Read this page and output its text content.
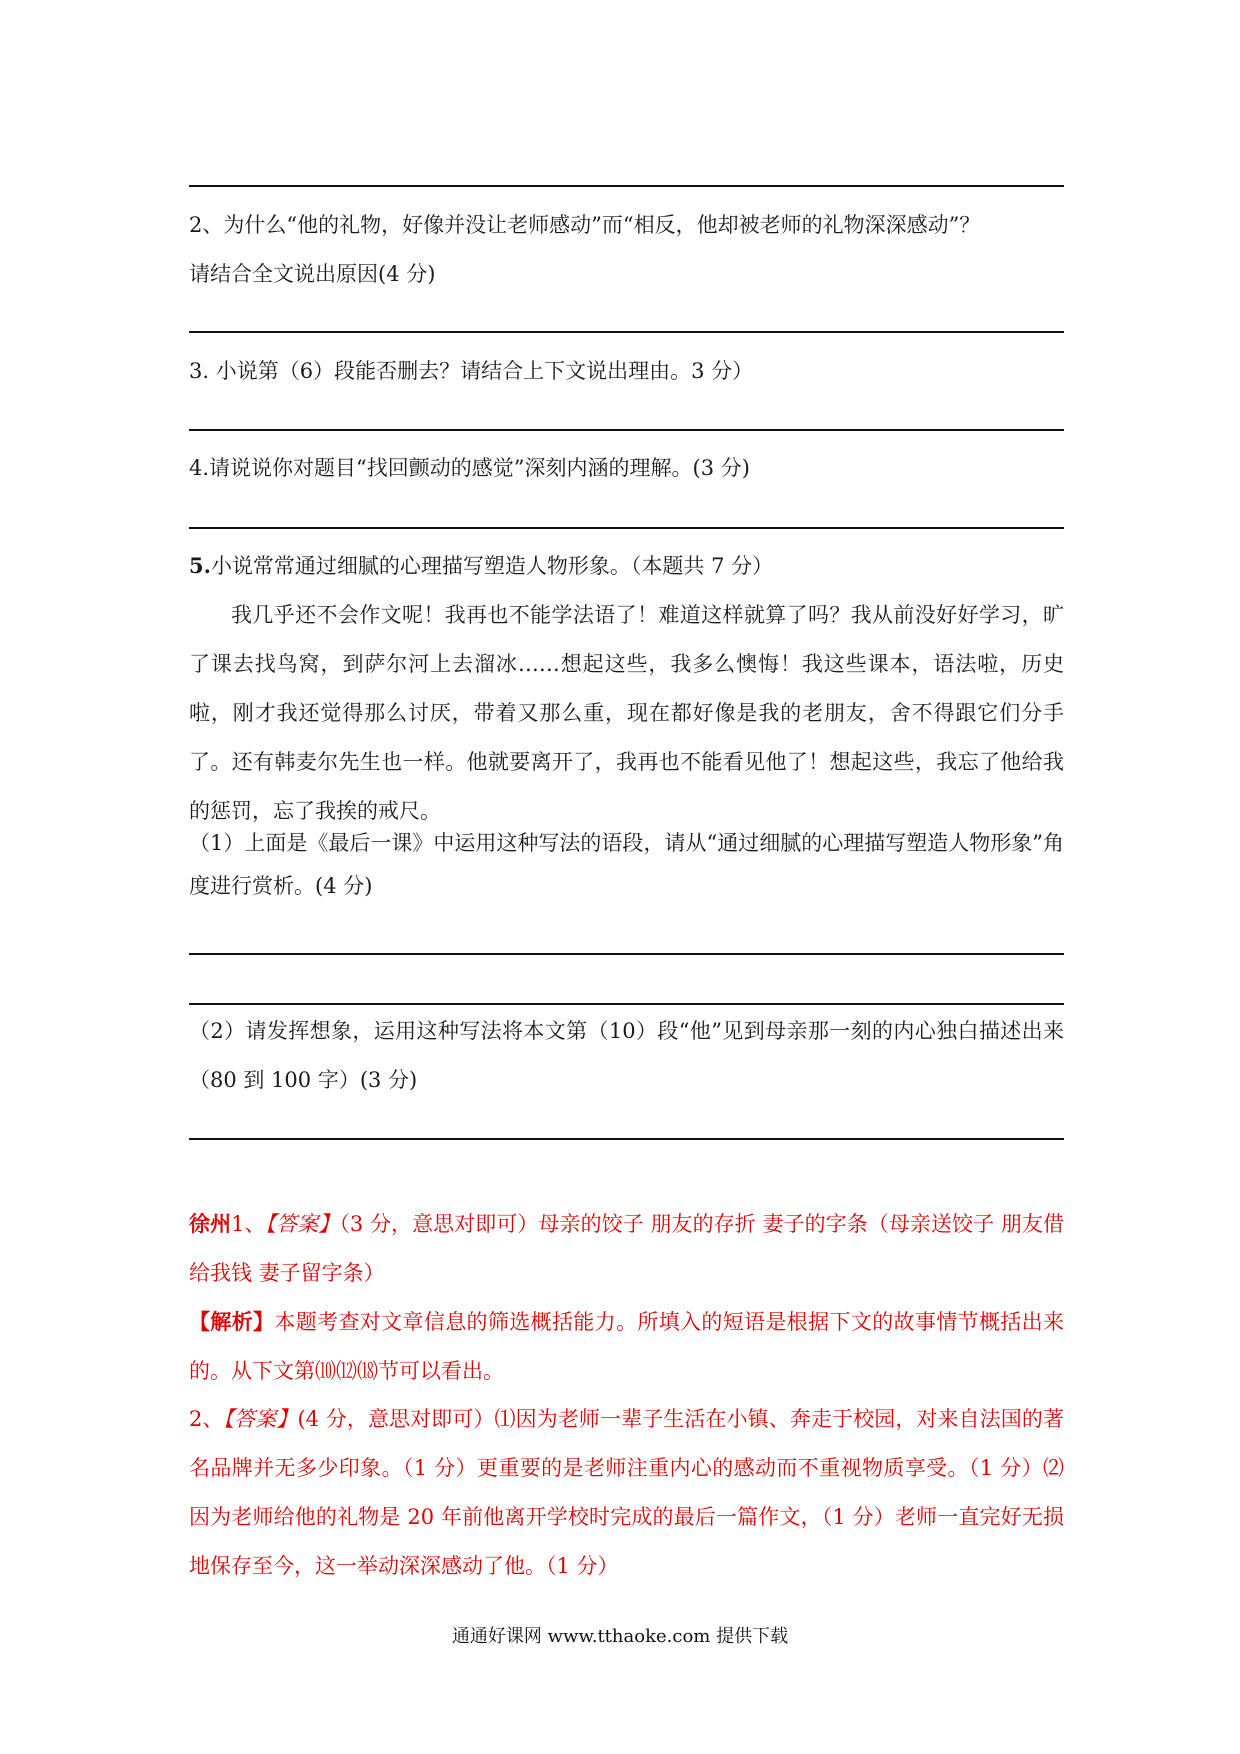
2、为什么“他的礼物，好像并没让老师感动”而“相反，他却被老师的礼物深深感动”？
请结合全文说出原因(4 分)
3. 小说第（6）段能否删去？请结合上下文说出理由。3 分）
4.请说说你对题目“找回颤动的感觉”深刻内涵的理解。(3 分)
5.小说常常通过细腻的心理描写塑造人物形象。（本题共 7 分）
我几乎还不会作文呢！我再也不能学法语了！难道这样就算了吗？我从前没好好学习，旷了课去找鸟窝，到萨尔河上去溜冰……想起这些，我多么懊悔！我这些课本，语法啦，历史啦，刚才我还觉得那么讨厌，带着又那么重，现在都好像是我的老朋友，舍不得跟它们分手了。还有韩麦尔先生也一样。他就要离开了，我再也不能看见他了！想起这些，我忘了他给我的惩罚，忘了我挨的戒尺。
（1）上面是《最后一课》中运用这种写法的语段，请从“通过细腻的心理描写塑造人物形象”角度进行赏析。(4 分)
（2）请发挥想象，运用这种写法将本文第（10）段“他”见到母亲那一刻的内心独白描述出来（80 到 100 字）(3 分)
徐州1、【答案】（3 分，意思对即可）母亲的饺子 朋友的存折 妻子的字条（母亲送饺子 朋友借给我钱 妻子留字条）
【解析】本题考查对文章信息的筛选概括能力。所填入的短语是根据下文的故事情节概括出来的。从下文第⑽⑿⒅节可以看出。
2、【答案】(4 分，意思对即可）⑴因为老师一辈子生活在小镇、奔走于校园，对来自法国的著名品牌并无多少印象。（1 分）更重要的是老师注重内心的感动而不重视物质享受。（1 分）⑵因为老师给他的礼物是 20 年前他离开学校时完成的最后一篇作文，（1 分）老师一直完好无损地保存至今，这一举动深深感动了他。（1 分）
通通好课网 www.tthaoke.com 提供下载
